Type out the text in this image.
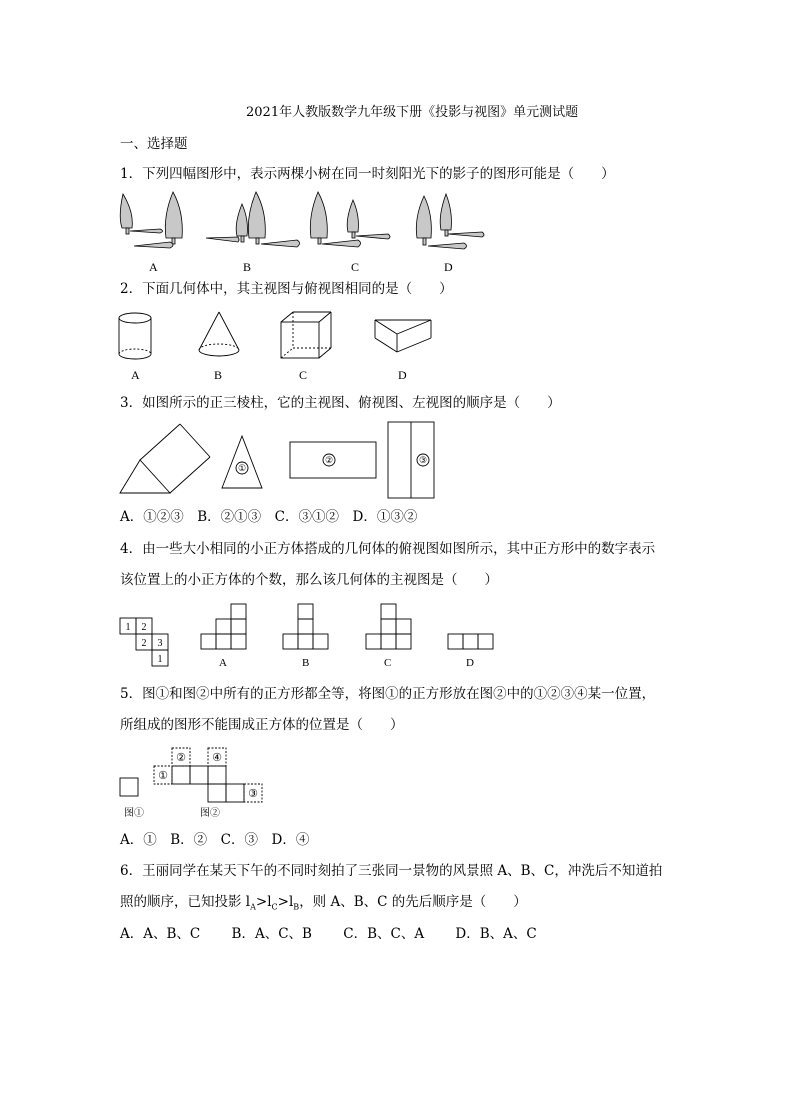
2021年人教版数学九年级下册《投影与视图》单元测试题
一、选择题
1．下列四幅图形中，表示两棵小树在同一时刻阳光下的影子的图形可能是（　　）
A	B	C	D
2．下面几何体中，其主视图与俯视图相同的是（　　）
A	B	C	D
3．如图所示的正三棱柱，它的主视图、俯视图、左视图的顺序是（　　）
①
②	③
A．①②③　B．②①③　C．③①②　D．①③②
4．由一些大小相同的小正方体搭成的几何体的俯视图如图所示，其中正方形中的数字表示
该位置上的小正方体的个数，那么该几何体的主视图是（　　）
1 2
2 3
1	A	B	C	D
5．图①和图②中所有的正方形都全等，将图①的正方形放在图②中的①②③④某一位置，
所组成的图形不能围成正方体的位置是（　　）
①
② ④
③
图①	图②
A．①　B．②　C．③　D．④
6．王丽同学在某天下午的不同时刻拍了三张同一景物的风景照 A、B、C，冲洗后不知道拍
照的顺序，已知投影 $l_A>l_C>l_B$，则 A、B、C 的先后顺序是（　　）
A．A、B、C　　 B．A、C、B　　 C．B、C、A　　 D．B、A、C
